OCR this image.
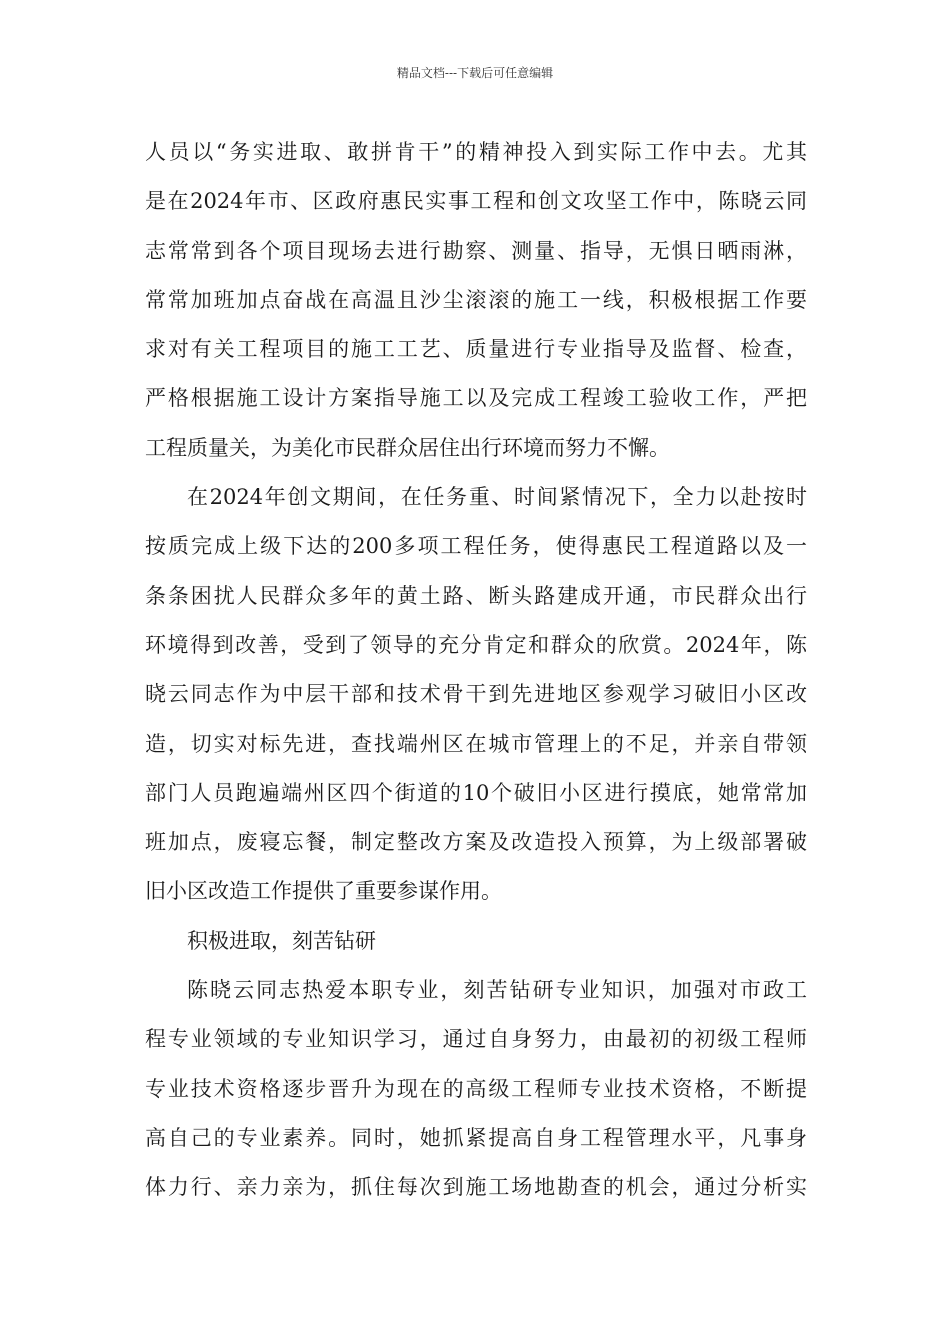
精品文档---下载后可任意编辑
人员以“务实进取、敢拼肯干”的精神投入到实际工作中去。尤其
是在2024年市、区政府惠民实事工程和创文攻坚工作中，陈晓云同
志常常到各个项目现场去进行勘察、测量、指导，无惧日晒雨淋，
常常加班加点奋战在高温且沙尘滚滚的施工一线，积极根据工作要
求对有关工程项目的施工工艺、质量进行专业指导及监督、检查，
严格根据施工设计方案指导施工以及完成工程竣工验收工作，严把
工程质量关，为美化市民群众居住出行环境而努力不懈。
在2024年创文期间，在任务重、时间紧情况下，全力以赴按时
按质完成上级下达的200多项工程任务，使得惠民工程道路以及一
条条困扰人民群众多年的黄土路、断头路建成开通，市民群众出行
环境得到改善，受到了领导的充分肯定和群众的欣赏。2024年，陈
晓云同志作为中层干部和技术骨干到先进地区参观学习破旧小区改
造，切实对标先进，查找端州区在城市管理上的不足，并亲自带领
部门人员跑遍端州区四个街道的10个破旧小区进行摸底，她常常加
班加点，废寝忘餐，制定整改方案及改造投入预算，为上级部署破
旧小区改造工作提供了重要参谋作用。
积极进取，刻苦钻研
陈晓云同志热爱本职专业，刻苦钻研专业知识，加强对市政工
程专业领域的专业知识学习，通过自身努力，由最初的初级工程师
专业技术资格逐步晋升为现在的高级工程师专业技术资格，不断提
高自己的专业素养。同时，她抓紧提高自身工程管理水平，凡事身
体力行、亲力亲为，抓住每次到施工场地勘查的机会，通过分析实
